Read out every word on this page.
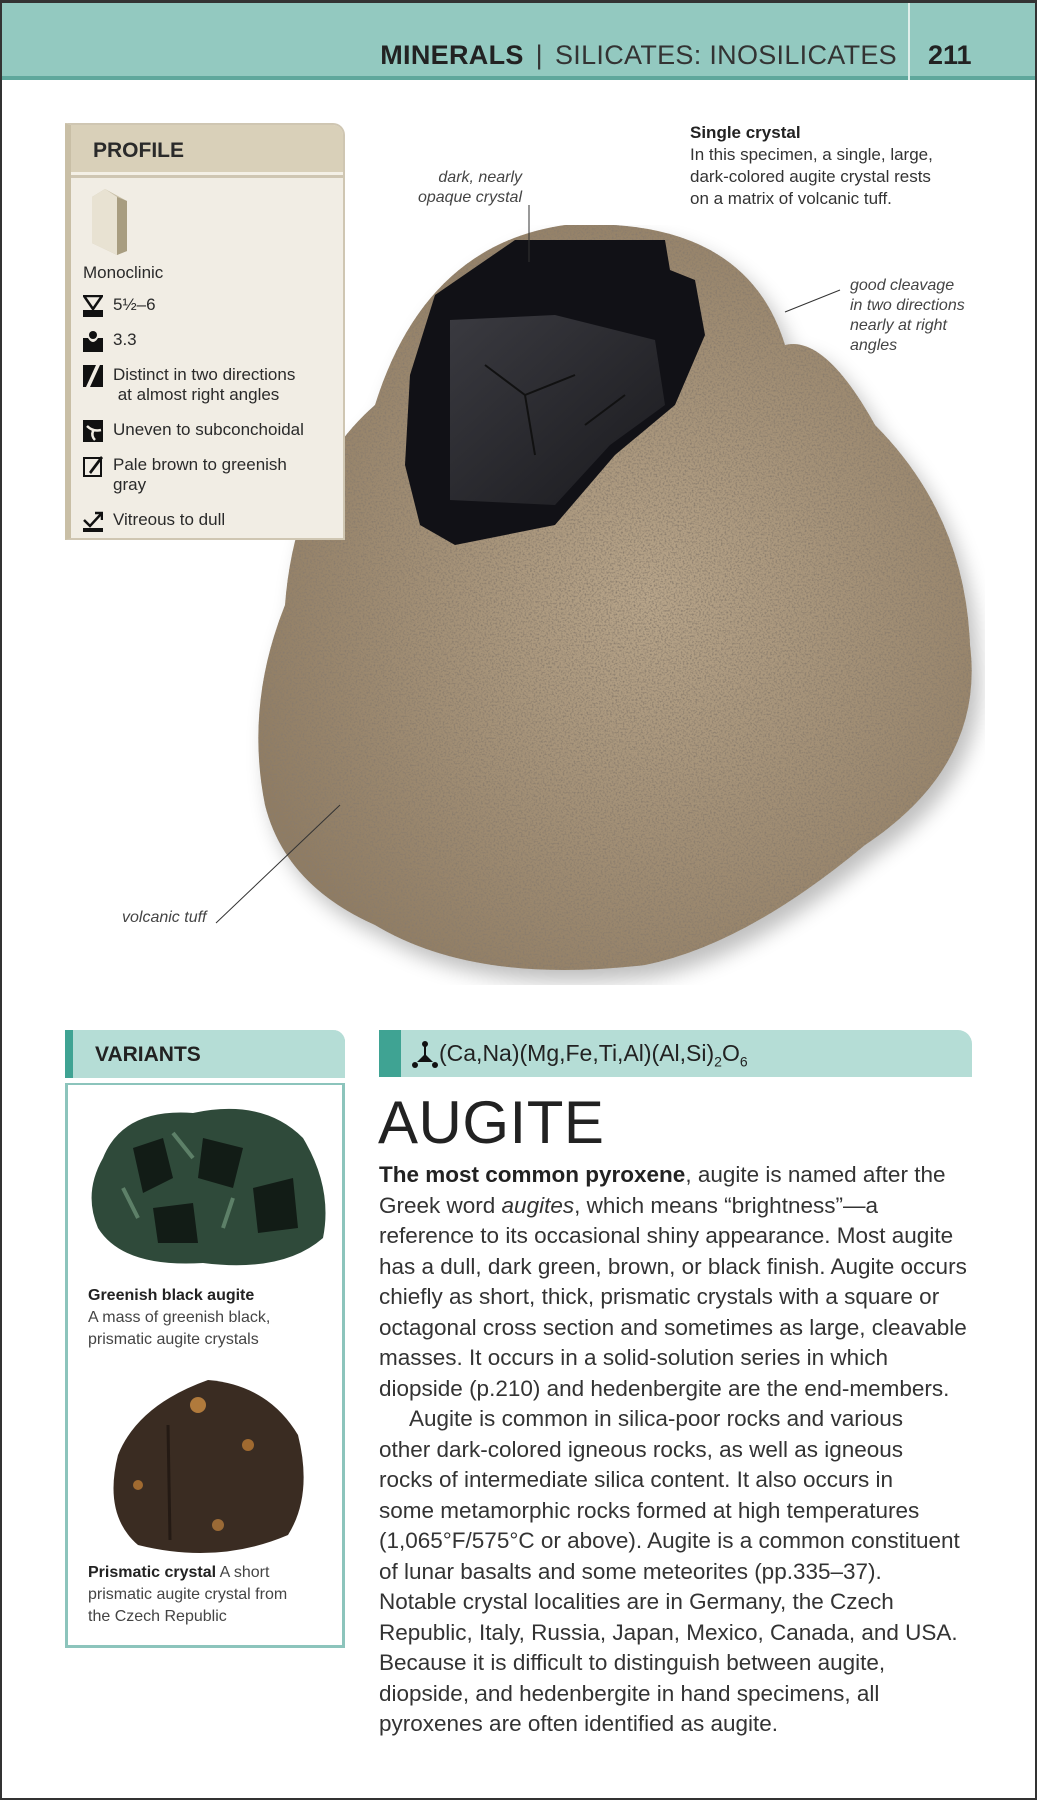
MINERALS | SILICATES: INOSILICATES 211
dark, nearly
opaque crystal
good cleavage
in two directions
nearly at right
angles
volcanic tuff
Single crystal
In this specimen, a single, large,
dark-colored augite crystal rests
on a matrix of volcanic tuff.
PROFILE
Monoclinic
5½–6
3.3
Distinct in two directions
at almost right angles
Uneven to subconchoidal
Pale brown to greenish
gray
Vitreous to dull
VARIANTS
Greenish black augite
A mass of greenish black,
prismatic augite crystals
Prismatic crystal A short
prismatic augite crystal from
the Czech Republic
$(Ca,Na)(Mg,Fe,Ti,Al)(Al,Si)_2O_6$
AUGITE
The most common pyroxene, augite is named after the
Greek word augites, which means “brightness”—a
reference to its occasional shiny appearance. Most augite
has a dull, dark green, brown, or black finish. Augite occurs
chiefly as short, thick, prismatic crystals with a square or
octagonal cross section and sometimes as large, cleavable
masses. It occurs in a solid-solution series in which
diopside (p.210) and hedenbergite are the end-members.
Augite is common in silica-poor rocks and various
other dark-colored igneous rocks, as well as igneous
rocks of intermediate silica content. It also occurs in
some metamorphic rocks formed at high temperatures
(1,065°F/575°C or above). Augite is a common constituent
of lunar basalts and some meteorites (pp.335–37).
Notable crystal localities are in Germany, the Czech
Republic, Italy, Russia, Japan, Mexico, Canada, and USA.
Because it is difficult to distinguish between augite,
diopside, and hedenbergite in hand specimens, all
pyroxenes are often identified as augite.
